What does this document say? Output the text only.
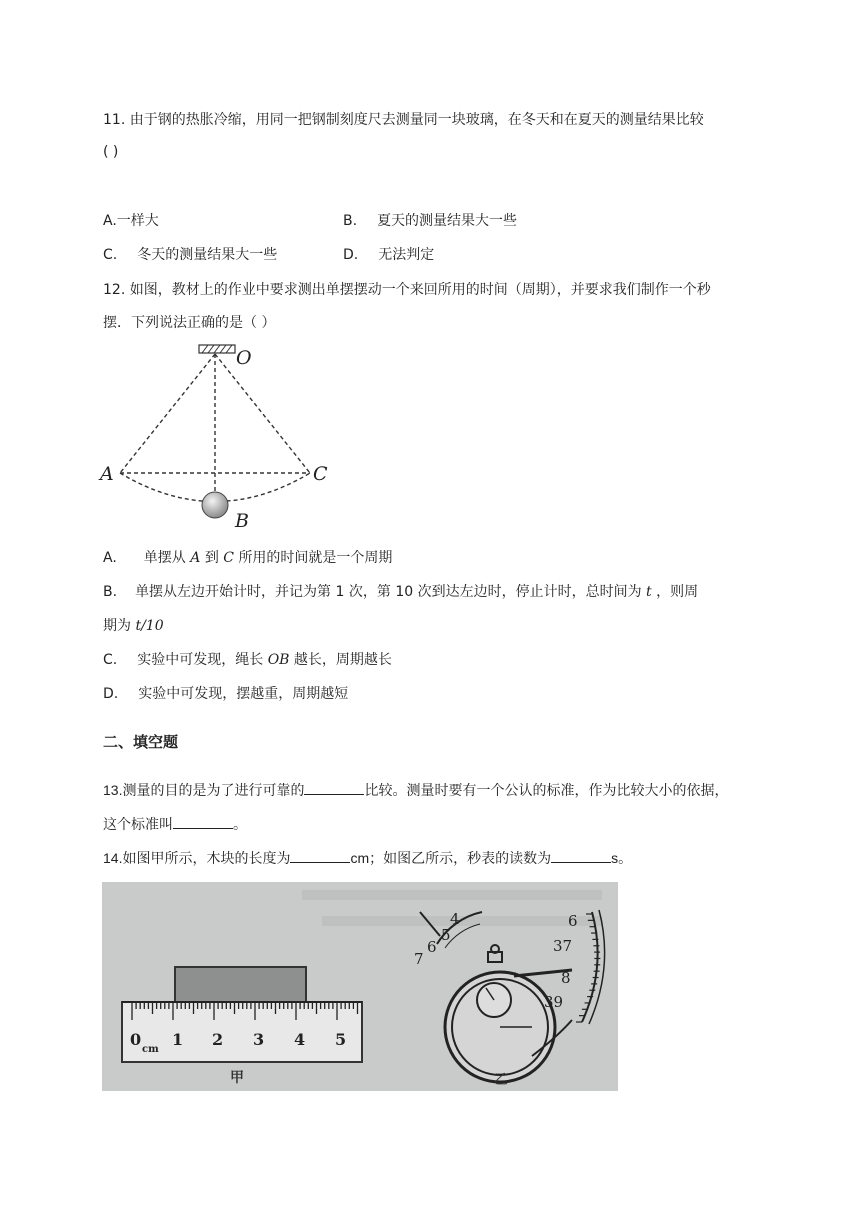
11. 由于钢的热胀冷缩，用同一把钢制刻度尺去测量同一块玻璃，在冬天和在夏天的测量结果比较
( )
A.一样大	B. 夏天的测量结果大一些
C. 冬天的测量结果大一些	D. 无法判定
12. 如图，教材上的作业中要求测出单摆摆动一个来回所用的时间（周期），并要求我们制作一个秒
摆．下列说法正确的是（ ）
O
A	C
B
A. 单摆从 A 到 C 所用的时间就是一个周期
B. 单摆从左边开始计时，并记为第 1 次，第 10 次到达左边时，停止计时，总时间为 t ，则周
期为 t/10
C. 实验中可发现，绳长 OB 越长，周期越长
D. 实验中可发现，摆越重，周期越短
二、填空题
13.测量的目的是为了进行可靠的	比较。测量时要有一个公认的标准，作为比较大小的依据，
这个标准叫	。
14.如图甲所示，木块的长度为	cm；如图乙所示，秒表的读数为	s。
0
cm
1 2 3 4 5
甲
4
5
6
7
6
37
8
39
乙
